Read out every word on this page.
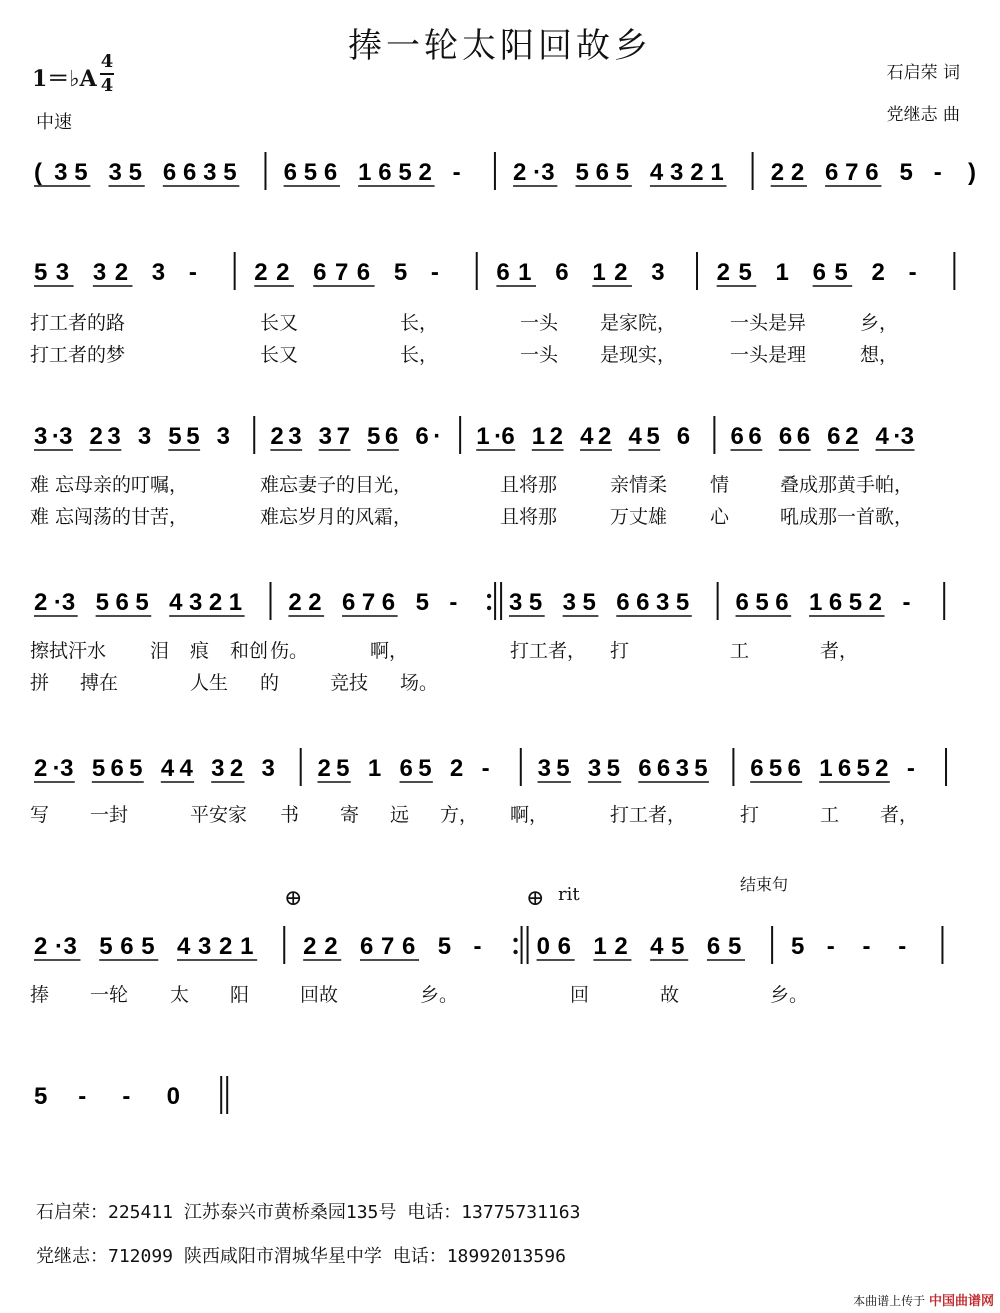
捧一轮太阳回故乡
1＝♭A
4
4
中速
石启荣 词
党继志 曲
( 3 5 3 5 6 6 3 5 6 5 6 1 6 5 2 - 2 · 3 5 6 5 4 3 2 1 2 2 6 7 6 5 - )
5 3 3 2 3 - 2 2 6 7 6 5 - 6 1 6 1 2 3 2 5 1 6 5 2 -
打工者的路	长又	长，	一头 是家院，	一头是异	乡，
打工者的梦	长又	长，	一头 是现实，	一头是理	想，
3 · 3 2 3 3 5 5 3 2 3 3 7 5 6 6 · 1 · 6 1 2 4 2 4 5 6 6 6 6 6 6 2 4 · 3
难 忘母亲的叮嘱，	难忘妻子的目光，	且将那	亲情柔 情	叠成那黄手帕，
难 忘闯荡的甘苦，	难忘岁月的风霜，	且将那	万丈雄 心	吼成那一首歌，
2 · 3 5 6 5 4 3 2 1 2 2 6 7 6 5 - 3 5 3 5 6 6 3 5 6 5 6 1 6 5 2 -
擦拭汗水 泪 痕 和创 伤。	啊，	打工者， 打	工	者，
拼 搏在	人生 的	竞技 场。
2 · 3 5 6 5 4 4 3 2 3 2 5 1 6 5 2 - 3 5 3 5 6 6 3 5 6 5 6 1 6 5 2 -
写 一封	平安家 书 寄 远 方， 啊，	打工者，	打	工 者，
rit	结束句
⊕	⊕
2 · 3 5 6 5 4 3 2 1 2 2 6 7 6 5 - 0 6 1 2 4 5 6 5 5 - - -
捧 一轮 太 阳	回故	乡。	回	故	乡。
5 - - 0
石启荣：225411 江苏泰兴市黄桥桑园135号 电话：13775731163
党继志：712099 陕西咸阳市渭城华星中学 电话：18992013596
本曲谱上传于 中国曲谱网
